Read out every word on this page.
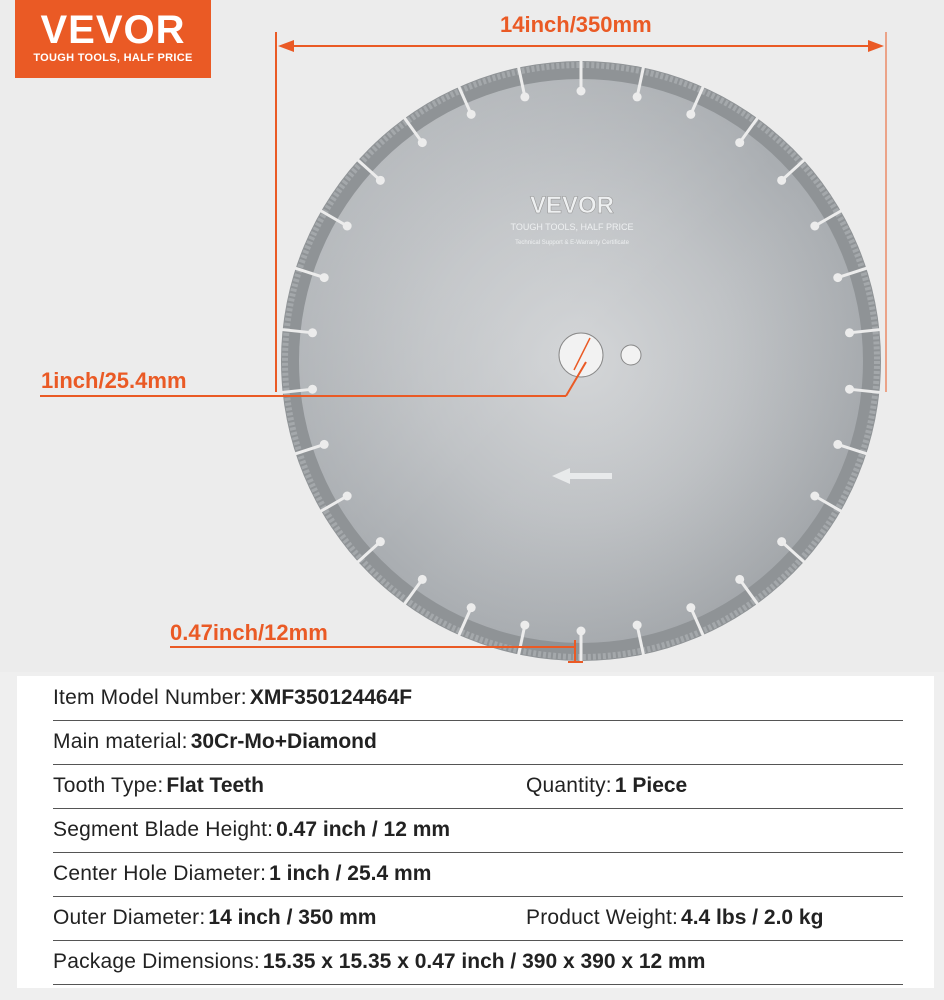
VEVOR
TOUGH TOOLS, HALF PRICE
VEVOR
TOUGH TOOLS, HALF PRICE
Technical Support & E-Warranty Certificate
14inch/350mm
1inch/25.4mm
0.47inch/12mm
Item Model Number: XMF350124464F
Main material: 30Cr-Mo+Diamond
Tooth Type: Flat Teeth	Quantity: 1 Piece
Segment Blade Height: 0.47 inch / 12 mm
Center Hole Diameter: 1 inch / 25.4 mm
Outer Diameter: 14 inch / 350 mm	Product Weight: 4.4 lbs / 2.0 kg
Package Dimensions: 15.35 x 15.35 x 0.47 inch / 390 x 390 x 12 mm
